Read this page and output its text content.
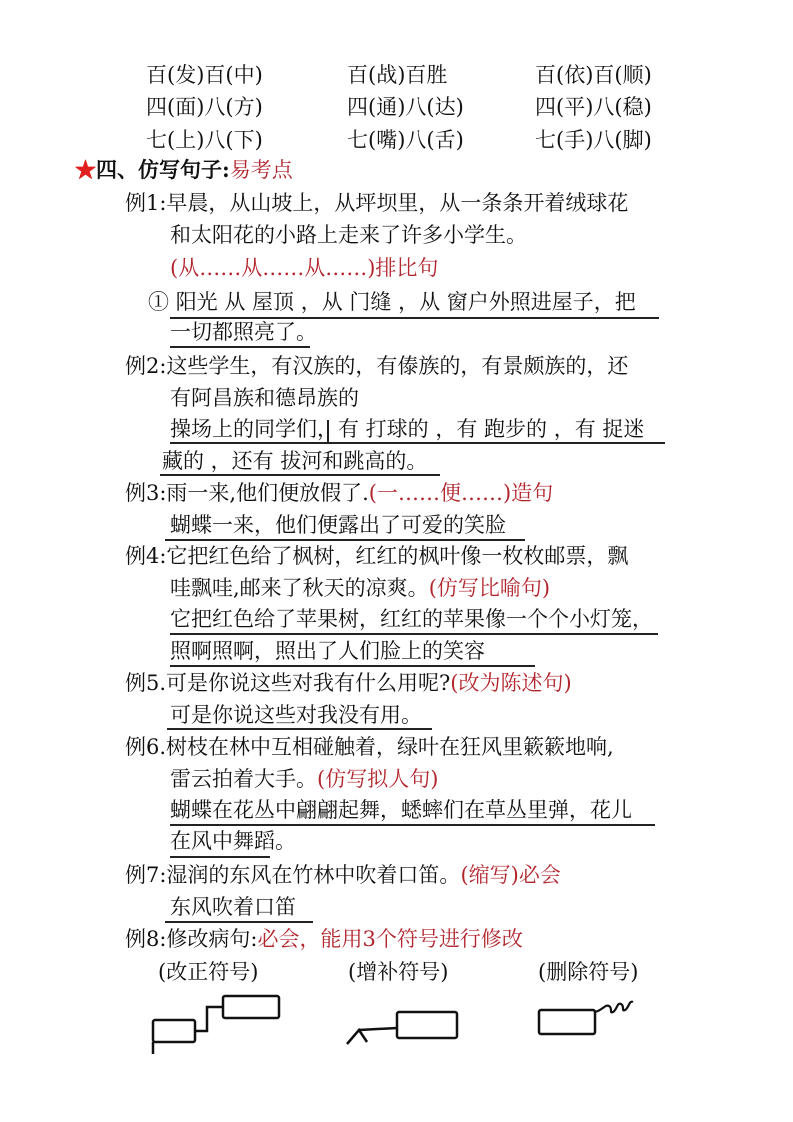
百(发)百(中)	百(战)百胜	百(依)百(顺)
四(面)八(方)	四(通)八(达)	四(平)八(稳)
七(上)八(下)	七(嘴)八(舌)	七(手)八(脚)
★四、仿写句子:易考点
例1:早晨，从山坡上，从坪坝里，从一条条开着绒球花
和太阳花的小路上走来了许多小学生。
(从……从……从……)排比句
① 阳光 从 屋顶 ，从 门缝 ，从 窗户外照进屋子，把
一切都照亮了。
例2:这些学生，有汉族的，有傣族的，有景颇族的，还
有阿昌族和德昂族的
操场上的同学们，有 打球的 ，有 跑步的 ，有 捉迷
藏的 ，还有 拔河和跳高的。
例3:雨一来,他们便放假了.(一……便……)造句
蝴蝶一来，他们便露出了可爱的笑脸
例4:它把红色给了枫树，红红的枫叶像一枚枚邮票，飘
哇飘哇,邮来了秋天的凉爽。(仿写比喻句)
它把红色给了苹果树，红红的苹果像一个个小灯笼，
照啊照啊，照出了人们脸上的笑容
例5.可是你说这些对我有什么用呢?(改为陈述句)
可是你说这些对我没有用。
例6.树枝在林中互相碰触着，绿叶在狂风里簌簌地响,
雷云拍着大手。(仿写拟人句)
蝴蝶在花丛中翩翩起舞，蟋蟀们在草丛里弹，花儿
在风中舞蹈。
例7:湿润的东风在竹林中吹着口笛。(缩写)必会
东风吹着口笛
例8:修改病句:必会，能用3个符号进行修改
(改正符号)	(增补符号)	(删除符号)
